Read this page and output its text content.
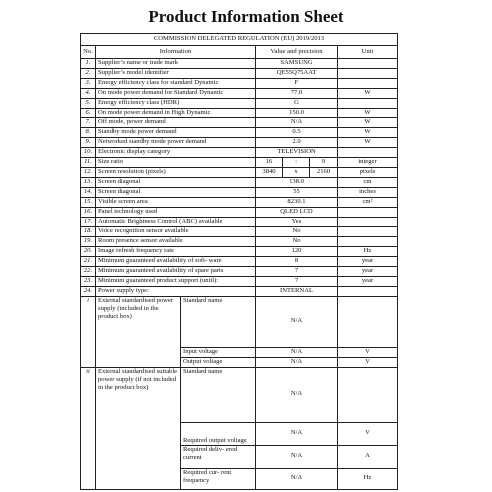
Product Information Sheet
COMMISSION DELEGATED REGULATION (EU) 2019/2013						
No.	Information		Value and precision			Unit
1.	Supplier’s name or trade mark		SAMSUNG			
2.	Supplier’s model identifier		QE55Q75AAT			
3.	Energy efficiency class for standard Dynamic		F			
4.	On mode power demand for Standard Dynamic		77.0			W
5.	Energy efficiency class (HDR)		G			
6.	On mode power demand in High Dynamic		150.0			W
7.	Off mode, power demand		N/A			W
8.	Standby mode power demand		0.5			W
9.	Networked standby mode power demand		2.0			W
10.	Electronic display category		TELEVISION			
11.	Size ratio		16	:	9	integer
12.	Screen resolution (pixels)		3840	x	2160	pixels
13.	Screen diagonal		138.0			cm
14.	Screen diagonal		55			inches
15.	Visible screen area		8230.1			cm²
16.	Panel technology used		QLED LCD			
17.	Automatic Brightness Control (ABC) available		Yes			
18.	Voice recognition sensor available		No			
19.	Room presence sensor available		No			
20.	Image refresh frequency rate		120			Hz
21.	Minimum guaranteed availability of soft- ware		8			year
22.	Minimum guaranteed availability of spare parts		7			year
23.	Minimum guaranteed product support (until):		7			year
24.	Power supply type:		INTERNAL			
i	External standardised power supply (included in the product box)	Standard name	N/A			
		Input voltage	N/A			V
		Output voltage	N/A			V
ii	External standardised suitable power supply (if not included in the product box)	Standard name	N/A			
		Required output voltage	N/A			V
		Required deliv- ered current	N/A			A
		Required cur- rent frequency	N/A			Hz
